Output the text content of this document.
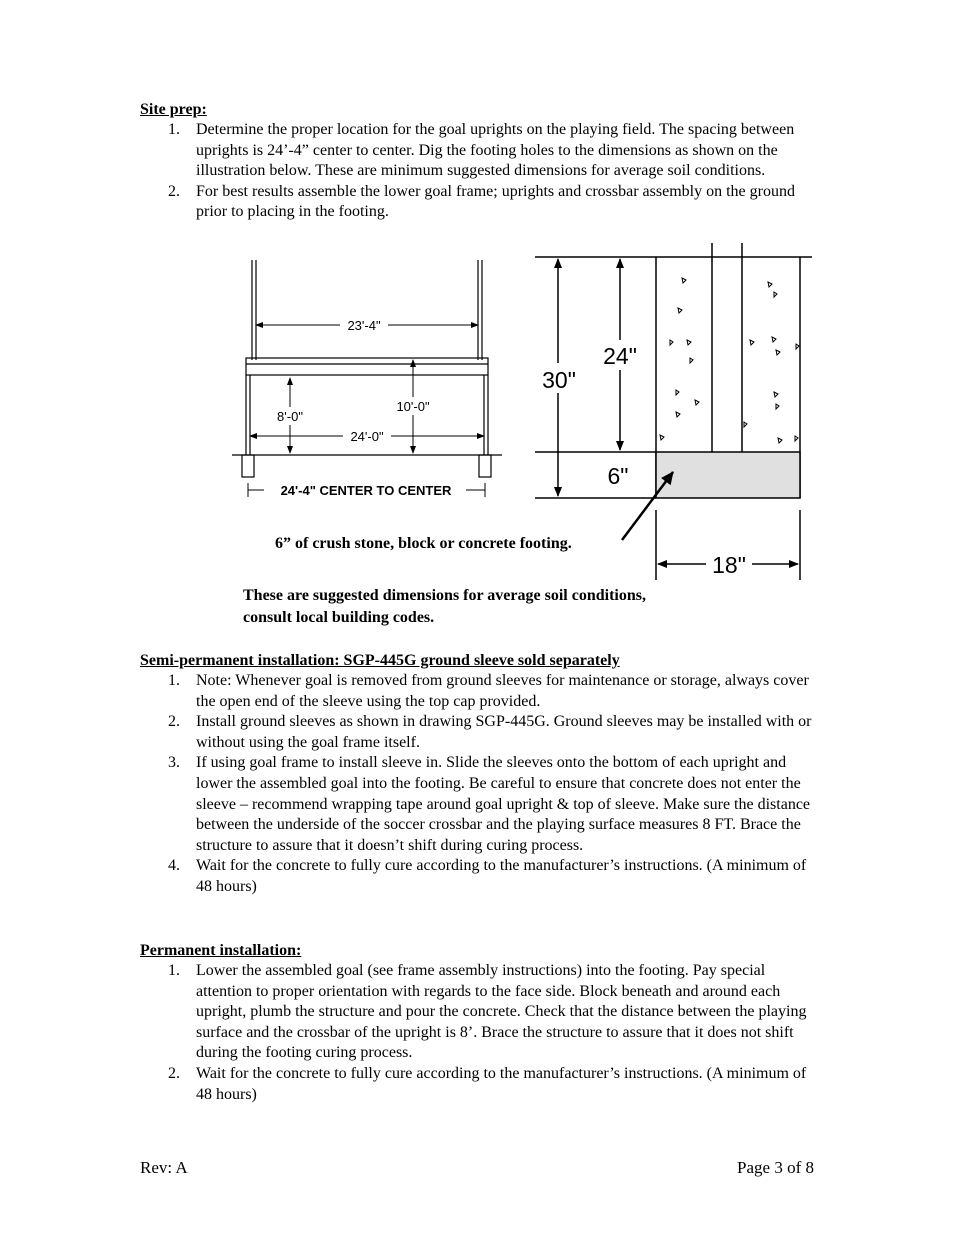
Site prep:
1. Determine the proper location for the goal uprights on the playing field. The spacing between uprights is 24’-4” center to center. Dig the footing holes to the dimensions as shown on the illustration below. These are minimum suggested dimensions for average soil conditions.
2. For best results assemble the lower goal frame; uprights and crossbar assembly on the ground prior to placing in the footing.
23'-4"
8'-0"
10'-0"
24'-0"
24'-4" CENTER TO CENTER
30"
24"
6"
18"
6” of crush stone, block or concrete footing.
These are suggested dimensions for average soil conditions,
consult local building codes.
Semi-permanent installation: SGP-445G ground sleeve sold separately
1. Note: Whenever goal is removed from ground sleeves for maintenance or storage, always cover the open end of the sleeve using the top cap provided.
2. Install ground sleeves as shown in drawing SGP-445G. Ground sleeves may be installed with or without using the goal frame itself.
3. If using goal frame to install sleeve in. Slide the sleeves onto the bottom of each upright and lower the assembled goal into the footing. Be careful to ensure that concrete does not enter the sleeve – recommend wrapping tape around goal upright & top of sleeve. Make sure the distance between the underside of the soccer crossbar and the playing surface measures 8 FT. Brace the structure to assure that it doesn’t shift during curing process.
4. Wait for the concrete to fully cure according to the manufacturer’s instructions. (A minimum of 48 hours)
Permanent installation:
1. Lower the assembled goal (see frame assembly instructions) into the footing. Pay special attention to proper orientation with regards to the face side. Block beneath and around each upright, plumb the structure and pour the concrete. Check that the distance between the playing surface and the crossbar of the upright is 8’. Brace the structure to assure that it does not shift during the footing curing process.
2. Wait for the concrete to fully cure according to the manufacturer’s instructions. (A minimum of 48 hours)
Rev: A	Page 3 of 8
